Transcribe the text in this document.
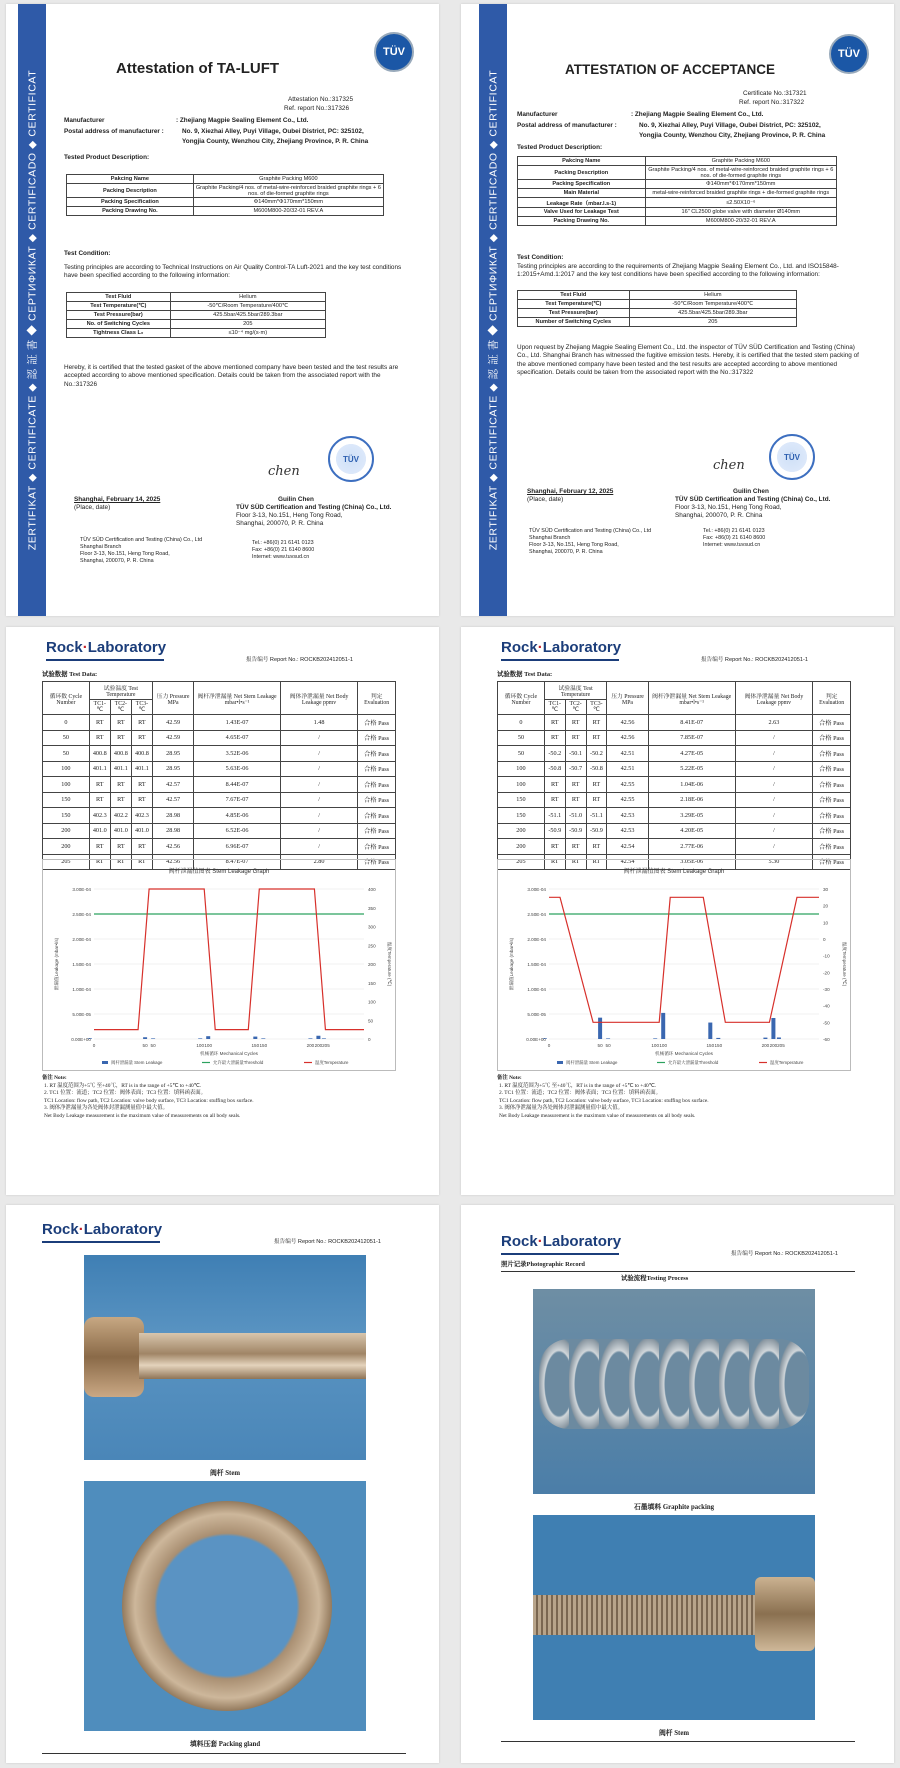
ZERTIFIKAT ◆ CERTIFICATE ◆ 認 証 書 ◆ СЕРТИФИКАТ ◆ CERTIFICADO ◆ CERTIFICAT
TÜV
Attestation of TA-LUFT
Attestation No.:317325
Ref. report No.:317326
Manufacturer	: Zhejiang Magpie Sealing Element Co., Ltd.
Postal address of manufacturer :	No. 9, Xiezhai Alley, Puyi Village, Oubei District, PC: 325102,
Yongjia County, Wenzhou City, Zhejiang Province, P. R. China
Tested Product Description:
Pakcing Name	Graphite Packing M600
Packing Description	Graphite Packing/4 nos. of metal-wire-reinforced braided graphite rings + 6 nos. of die-formed graphite rings
Packing Specification	Φ140mm*Φ170mm*150mm
Packing Drawing No.	M600M800-20/32-01 REV.A
Test Condition:
Testing principles are according to Technical Instructions on Air Quality Control-TA Luft-2021 and the key test conditions have been specified according to the following information:
Test Fluid	Helium
Test Temperature(℃)	-50℃/Room Temperature/400℃
Test Pressure(bar)	425.5bar/425.5bar/289.3bar
No. of Switching Cycles	205
Tightness Class L₀	≤10⁻⁴ mg/(s·m)
Hereby, it is certified that the tested gasket of the above mentioned company have been tested and the test results are accepted according to above mentioned specification. Details could be taken from the associated report with the No.:317326
chen
TÜV
Shanghai, February 14, 2025
(Place, date)
Guilin Chen
TÜV SÜD Certification and Testing (China) Co., Ltd.
Floor 3-13, No.151, Heng Tong Road,
Shanghai, 200070, P. R. China
TÜV SÜD Certification and Testing (China) Co., Ltd
Shanghai Branch
Floor 3-13, No.151, Heng Tong Road,
Shanghai, 200070, P. R. China
Tel.: +86(0) 21 6141 0123
Fax: +86(0) 21 6140 8600
Internet: www.tuvsud.cn
ZERTIFIKAT ◆ CERTIFICATE ◆ 認 証 書 ◆ СЕРТИФИКАТ ◆ CERTIFICADO ◆ CERTIFICAT
TÜV
ATTESTATION OF ACCEPTANCE
Certificate No.:317321
Ref. report No.:317322
Manufacturer	: Zhejiang Magpie Sealing Element Co., Ltd.
Postal address of manufacturer :	No. 9, Xiezhai Alley, Puyi Village, Oubei District, PC: 325102,
Yongjia County, Wenzhou City, Zhejiang Province, P. R. China
Tested Product Description:
Pakcing Name	Graphite Packing M600
Packing Description	Graphite Packing/4 nos. of metal-wire-reinforced braided graphite rings + 6 nos. of die-formed graphite rings
Packing Specification	Φ140mm*Φ170mm*150mm
Main Material	metal-wire-reinforced braided graphite rings + die-formed graphite rings
Leakage Rate（mbar.l.s-1)	≤2.50X10⁻⁶
Valve Used for Leakage Test	16" CL2500 globe valve with diameter Ø140mm
Packing Drawing No.	M600M800-20/32-01 REV.A
Test Condition:
Testing principles are according to the requirements of Zhejiang Magpie Sealing Element Co., Ltd. and ISO15848-1:2015+Amd.1:2017 and the key test conditions have been specified according to the following information:
Test Fluid	Helium
Test Temperature(℃)	-50℃/Room Temperature/400℃
Test Pressure(bar)	425.5bar/425.5bar/289.3bar
Number of Switching Cycles	205
Upon request by Zhejiang Magpie Sealing Element Co., Ltd. the inspector of TÜV SÜD Certification and Testing (China) Co., Ltd. Shanghai Branch has witnessed the fugitive emission tests. Hereby, it is certified that the tested stem packing of the above mentioned company have been tested and the test results are accepted according to above mentioned specification. Details could be taken from the associated report with the No.:317322
chen
TÜV
Shanghai, February 12, 2025
(Place, date)
Guilin Chen
TÜV SÜD Certification and Testing (China) Co., Ltd.
Floor 3-13, No.151, Heng Tong Road,
Shanghai, 200070, P. R. China
TÜV SÜD Certification and Testing (China) Co., Ltd
Shanghai Branch
Floor 3-13, No.151, Heng Tong Road,
Shanghai, 200070, P. R. China
Tel.: +86(0) 21 6141 0123
Fax: +86(0) 21 6140 8600
Internet: www.tuvsud.cn
Rock·Laboratory
报告编号 Report No.: ROCKB202412051-1
试验数据 Test Data:
循环数 Cycle Number	试验温度 Test Temperature			压力 Pressure MPa	阀杆净泄漏量 Net Stem Leakage mbar•l•s⁻¹	阀体净泄漏量 Net Body Leakage ppmv	判定 Evaluation
	TC1-℃	TC2-℃	TC3-℃				
0	RT	RT	RT	42.59	1.43E-07	1.48	合格 Pass
50	RT	RT	RT	42.59	4.65E-07	/	合格 Pass
50	400.8	400.8	400.8	28.95	3.52E-06	/	合格 Pass
100	401.1	401.1	401.1	28.95	5.63E-06	/	合格 Pass
100	RT	RT	RT	42.57	8.44E-07	/	合格 Pass
150	RT	RT	RT	42.57	7.67E-07	/	合格 Pass
150	402.3	402.2	402.3	28.98	4.85E-06	/	合格 Pass
200	401.0	401.0	401.0	28.98	6.52E-06	/	合格 Pass
200	RT	RT	RT	42.56	6.96E-07	/	合格 Pass
205	RT	RT	RT	42.56	8.47E-07	2.80	合格 Pass
备注 Note:
1. RT 温度范围为+5℃ 至+40℃，RT is in the range of +5℃ to +40℃.
2. TC1 位置：流道；TC2 位置：阀体表面；TC3 位置：填料函表面。
TC1 Location: flow path, TC2 Location: valve body surface, TC3 Location: stuffing box surface.
3. 阀体净泄漏量为各处阀体封泄漏测量值中最大值。
Net Body Leakage measurement is the maximum value of measurements on all body seals.
阀杆泄漏值图表 Stem Leakage Graph
0.00E+00
5.00E-05
1.00E-04
1.50E-04
2.00E-04
2.50E-04
3.00E-04
0
50
100
150
200
250
300
350
400
0	50 50	100 100	150 150	200 200 205
机械循环 Mechanical Cycles
泄漏值Leakage (mbar•l/s)	温度Temperature (℃)
阀杆泄漏量 Stem Leakage	允许最大泄漏量Threshold	温度Temperature
Rock·Laboratory
报告编号 Report No.: ROCKB202412051-1
试验数据 Test Data:
循环数 Cycle Number	试验温度 Test Temperature			压力 Pressure MPa	阀杆净泄漏量 Net Stem Leakage mbar•l•s⁻¹	阀体净泄漏量 Net Body Leakage ppmv	判定 Evaluation
	TC1-℃	TC2-℃	TC3-℃				
0	RT	RT	RT	42.56	8.41E-07	2.63	合格 Pass
50	RT	RT	RT	42.56	7.85E-07	/	合格 Pass
50	-50.2	-50.1	-50.2	42.51	4.27E-05	/	合格 Pass
100	-50.8	-50.7	-50.8	42.51	5.22E-05	/	合格 Pass
100	RT	RT	RT	42.55	1.04E-06	/	合格 Pass
150	RT	RT	RT	42.55	2.18E-06	/	合格 Pass
150	-51.1	-51.0	-51.1	42.53	3.29E-05	/	合格 Pass
200	-50.9	-50.9	-50.9	42.53	4.20E-05	/	合格 Pass
200	RT	RT	RT	42.54	2.77E-06	/	合格 Pass
205	RT	RT	RT	42.54	3.05E-06	5.30	合格 Pass
备注 Note:
1. RT 温度范围为+5℃ 至+40℃，RT is in the range of +5℃ to +40℃.
2. TC1 位置：流道；TC2 位置：阀体表面；TC3 位置：填料函表面。
TC1 Location: flow path, TC2 Location: valve body surface, TC3 Location: stuffing box surface.
3. 阀体净泄漏量为各处阀体封泄漏测量值中最大值。
Net Body Leakage measurement is the maximum value of measurements on all body seals.
阀杆泄漏值图表 Stem Leakage Graph
0.00E+00
5.00E-05
1.00E-04
1.50E-04
2.00E-04
2.50E-04
3.00E-04
-60
-50
-40
-30
-20
-10
0
10
20
30
0	50 50	100 100	150 150	200 200 205
机械循环 Mechanical Cycles
泄漏值Leakage (mbar•l/s)	温度Temperature (℃)
阀杆泄漏量 Stem Leakage	允许最大泄漏量Threshold	温度Temperature
Rock·Laboratory
报告编号 Report No.: ROCKB202412051-1
阀杆 Stem
填料压套 Packing gland
Rock·Laboratory
报告编号 Report No.: ROCKB202412051-1
照片记录Photographic Record
试验流程Testing Process
石墨填料 Graphite packing
阀杆 Stem
